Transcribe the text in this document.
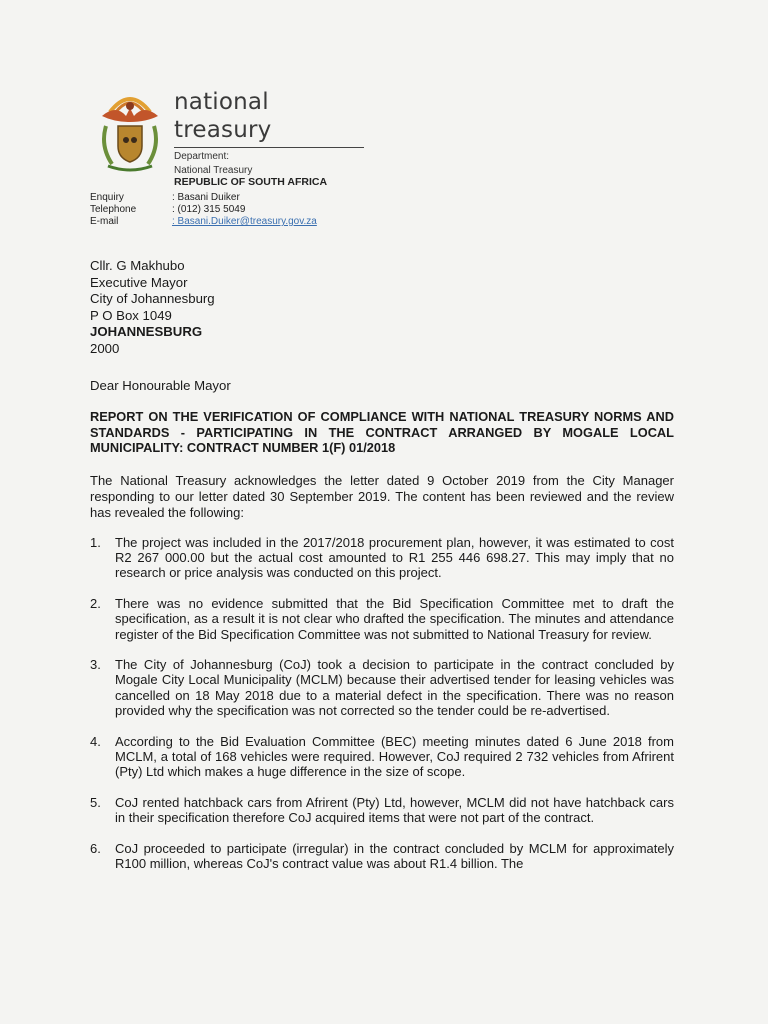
national treasury
Department:
National Treasury
REPUBLIC OF SOUTH AFRICA
Enquiry	: Basani Duiker
Telephone	: (012) 315 5049
E-mail	: Basani.Duiker@treasury.gov.za
Cllr. G Makhubo
Executive Mayor
City of Johannesburg
P O Box 1049
JOHANNESBURG
2000
Dear Honourable Mayor
REPORT ON THE VERIFICATION OF COMPLIANCE WITH NATIONAL TREASURY NORMS AND STANDARDS - PARTICIPATING IN THE CONTRACT ARRANGED BY MOGALE LOCAL MUNICIPALITY: CONTRACT NUMBER 1(F) 01/2018
The National Treasury acknowledges the letter dated 9 October 2019 from the City Manager responding to our letter dated 30 September 2019. The content has been reviewed and the review has revealed the following:
1.	The project was included in the 2017/2018 procurement plan, however, it was estimated to cost R2 267 000.00 but the actual cost amounted to R1 255 446 698.27. This may imply that no research or price analysis was conducted on this project.
2.	There was no evidence submitted that the Bid Specification Committee met to draft the specification, as a result it is not clear who drafted the specification. The minutes and attendance register of the Bid Specification Committee was not submitted to National Treasury for review.
3.	The City of Johannesburg (CoJ) took a decision to participate in the contract concluded by Mogale City Local Municipality (MCLM) because their advertised tender for leasing vehicles was cancelled on 18 May 2018 due to a material defect in the specification. There was no reason provided why the specification was not corrected so the tender could be re-advertised.
4.	According to the Bid Evaluation Committee (BEC) meeting minutes dated 6 June 2018 from MCLM, a total of 168 vehicles were required. However, CoJ required 2 732 vehicles from Afrirent (Pty) Ltd which makes a huge difference in the size of scope.
5.	CoJ rented hatchback cars from Afrirent (Pty) Ltd, however, MCLM did not have hatchback cars in their specification therefore CoJ acquired items that were not part of the contract.
6.	CoJ proceeded to participate (irregular) in the contract concluded by MCLM for approximately R100 million, whereas CoJ's contract value was about R1.4 billion. The
